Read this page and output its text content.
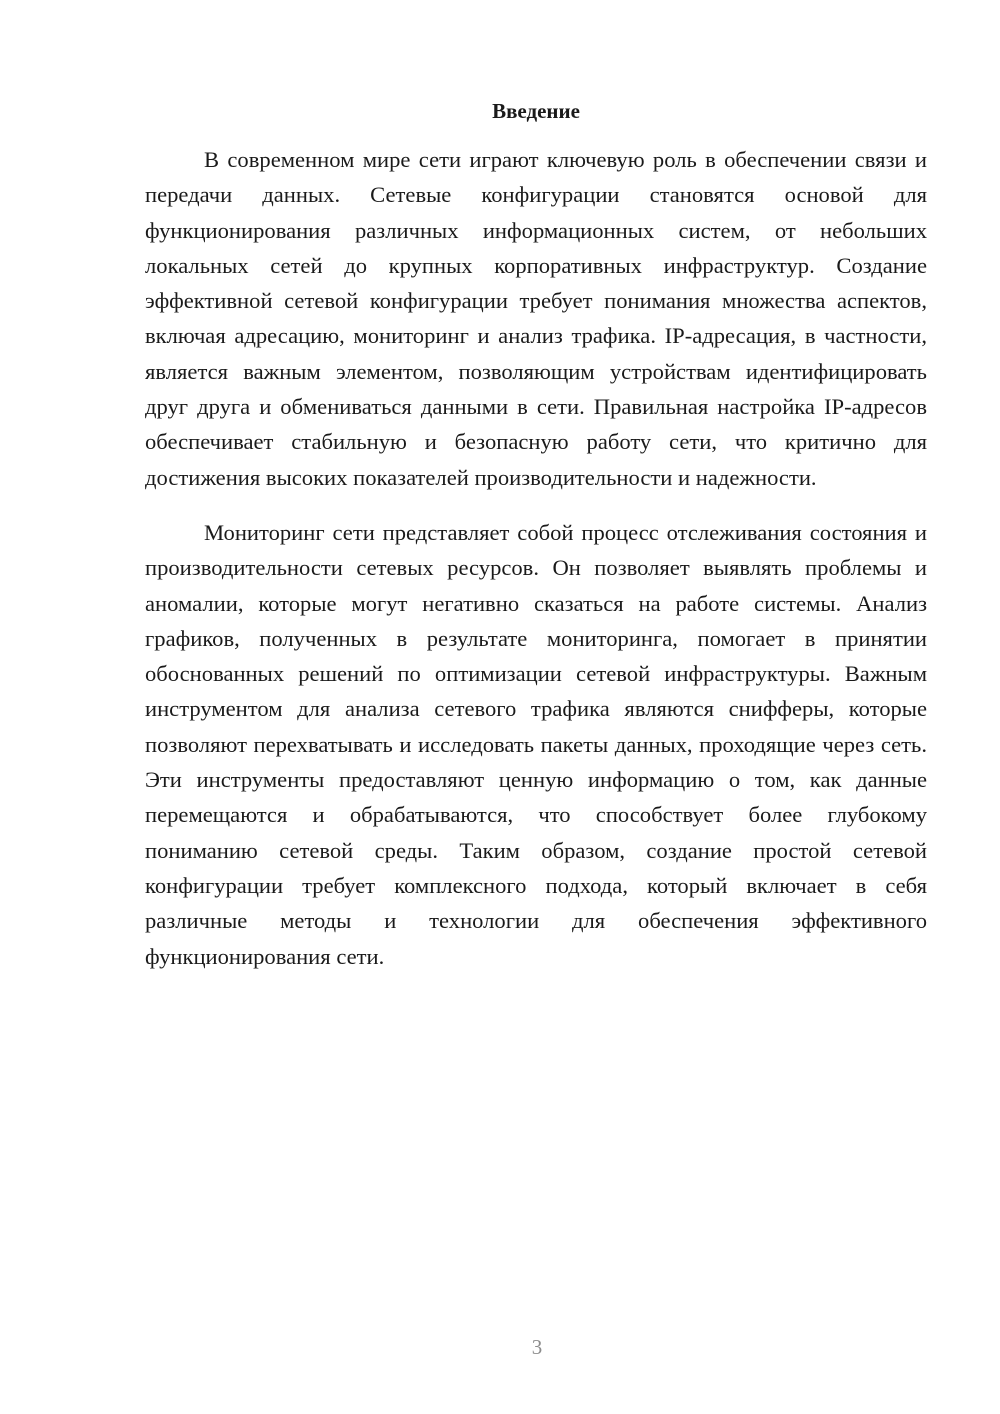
Введение

В современном мире сети играют ключевую роль в обеспечении связи и передачи данных. Сетевые конфигурации становятся основой для функционирования различных информационных систем, от небольших локальных сетей до крупных корпоративных инфраструктур. Создание эффективной сетевой конфигурации требует понимания множества аспектов, включая адресацию, мониторинг и анализ трафика. IP-адресация, в частности, является важным элементом, позволяющим устройствам идентифицировать друг друга и обмениваться данными в сети. Правильная настройка IP-адресов обеспечивает стабильную и безопасную работу сети, что критично для достижения высоких показателей производительности и надежности.

Мониторинг сети представляет собой процесс отслеживания состояния и производительности сетевых ресурсов. Он позволяет выявлять проблемы и аномалии, которые могут негативно сказаться на работе системы. Анализ графиков, полученных в результате мониторинга, помогает в принятии обоснованных решений по оптимизации сетевой инфраструктуры. Важным инструментом для анализа сетевого трафика являются снифферы, которые позволяют перехватывать и исследовать пакеты данных, проходящие через сеть. Эти инструменты предоставляют ценную информацию о том, как данные перемещаются и обрабатываются, что способствует более глубокому пониманию сетевой среды. Таким образом, создание простой сетевой конфигурации требует комплексного подхода, который включает в себя различные методы и технологии для обеспечения эффективного функционирования сети.

3
